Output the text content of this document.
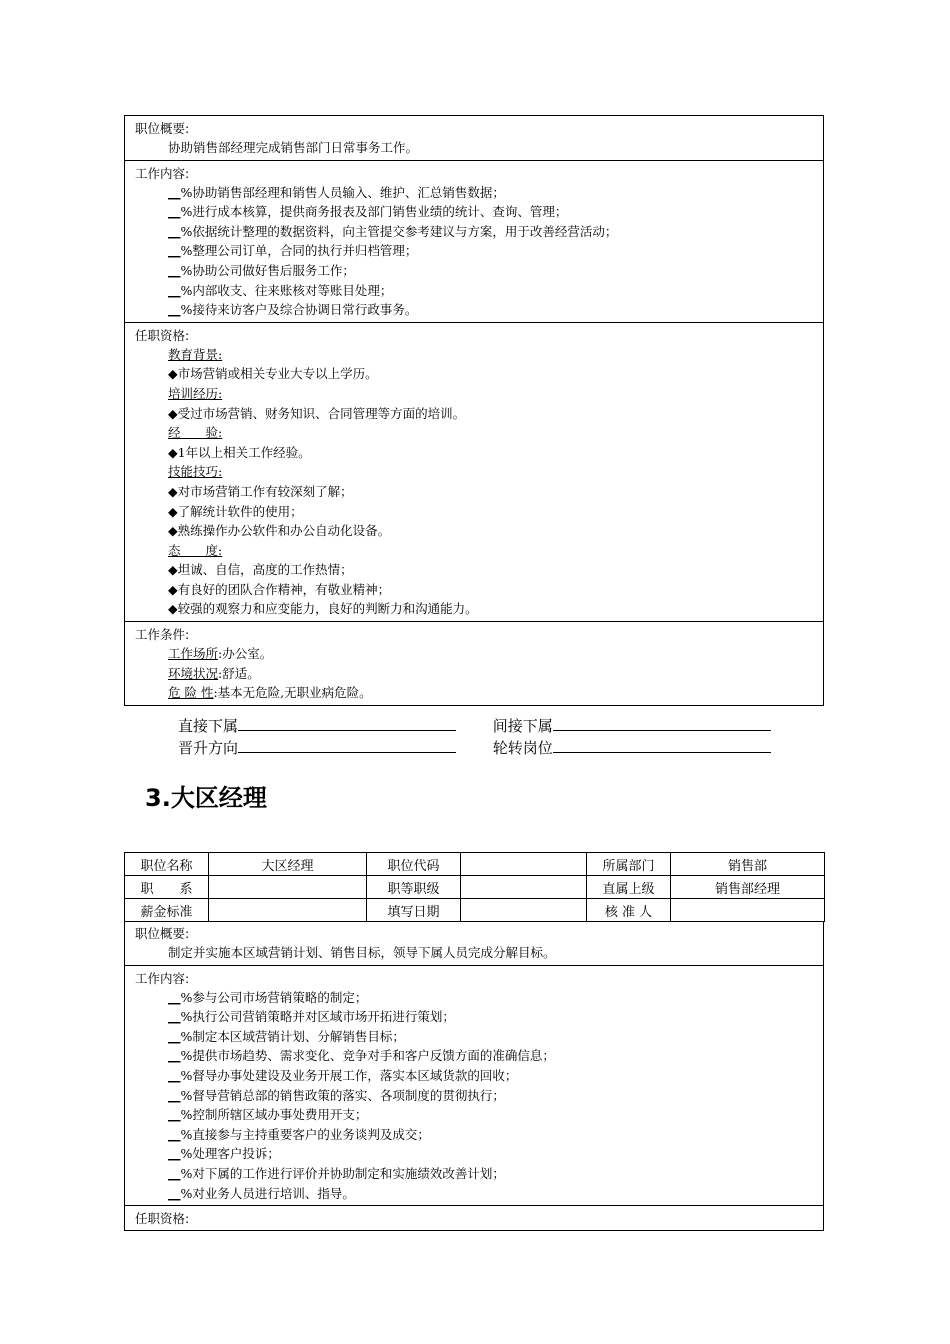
职位概要:
协助销售部经理完成销售部门日常事务工作。
工作内容:
__%协助销售部经理和销售人员输入、维护、汇总销售数据；
__%进行成本核算，提供商务报表及部门销售业绩的统计、查询、管理；
__%依据统计整理的数据资料，向主管提交参考建议与方案，用于改善经营活动；
__%整理公司订单，合同的执行并归档管理；
__%协助公司做好售后服务工作；
__%内部收支、往来账核对等账目处理；
__%接待来访客户及综合协调日常行政事务。
任职资格:
教育背景:
◆市场营销或相关专业大专以上学历。
培训经历:
◆受过市场营销、财务知识、合同管理等方面的培训。
经　　验:
◆1年以上相关工作经验。
技能技巧:
◆对市场营销工作有较深刻了解；
◆了解统计软件的使用；
◆熟练操作办公软件和办公自动化设备。
态　　度:
◆坦诚、自信，高度的工作热情；
◆有良好的团队合作精神，有敬业精神；
◆较强的观察力和应变能力，良好的判断力和沟通能力。
工作条件:
工作场所:办公室。
环境状况:舒适。
危 险 性:基本无危险,无职业病危险。
直接下属	间接下属
晋升方向	轮转岗位
3.大区经理
职位名称	大区经理	职位代码		所属部门	销售部
职　　系		职等职级		直属上级	销售部经理
薪金标准		填写日期		核 准 人	
职位概要:
制定并实施本区域营销计划、销售目标，领导下属人员完成分解目标。
工作内容:
__%参与公司市场营销策略的制定；
__%执行公司营销策略并对区域市场开拓进行策划；
__%制定本区域营销计划、分解销售目标；
__%提供市场趋势、需求变化、竞争对手和客户反馈方面的准确信息；
__%督导办事处建设及业务开展工作，落实本区域货款的回收；
__%督导营销总部的销售政策的落实、各项制度的贯彻执行；
__%控制所辖区域办事处费用开支；
__%直接参与主持重要客户的业务谈判及成交；
__%处理客户投诉；
__%对下属的工作进行评价并协助制定和实施绩效改善计划；
__%对业务人员进行培训、指导。
任职资格:
